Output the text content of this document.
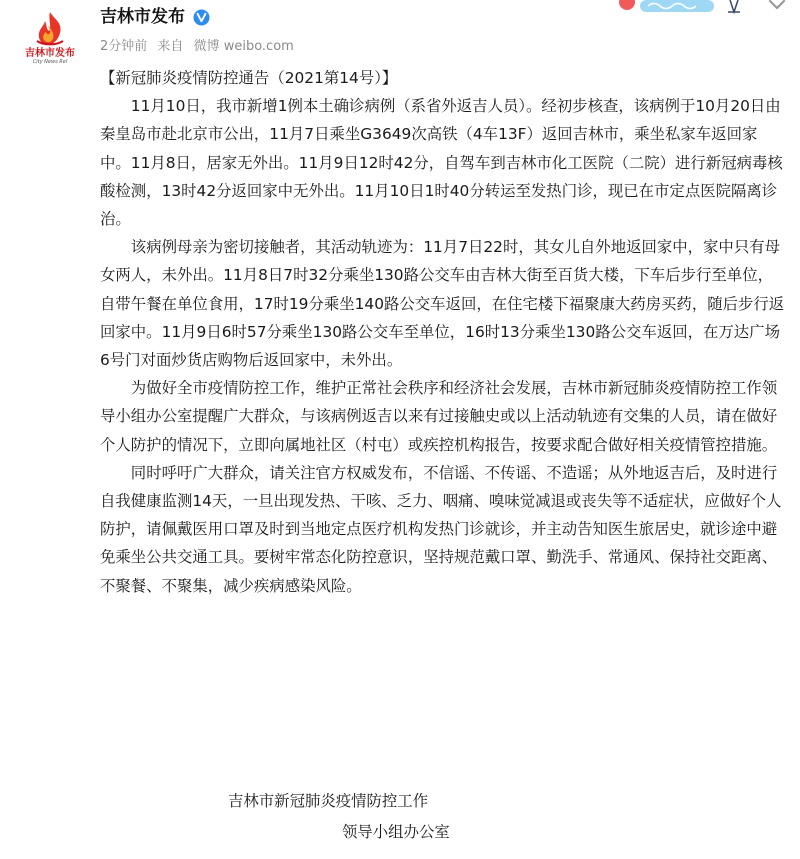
吉林市发布
City News Rel
吉林市发布
2分钟前 来自 微博 weibo.com

【新冠肺炎疫情防控通告（2021第14号）】

11月10日，我市新增1例本土确诊病例（系省外返吉人员）。经初步核查，该病例于10月20日由秦皇岛市赴北京市公出，11月7日乘坐G3649次高铁（4车13F）返回吉林市，乘坐私家车返回家中。11月8日，居家无外出。11月9日12时42分，自驾车到吉林市化工医院（二院）进行新冠病毒核酸检测，13时42分返回家中无外出。11月10日1时40分转运至发热门诊，现已在市定点医院隔离诊治。

该病例母亲为密切接触者，其活动轨迹为：11月7日22时，其女儿自外地返回家中，家中只有母女两人，未外出。11月8日7时32分乘坐130路公交车由吉林大街至百货大楼，下车后步行至单位，自带午餐在单位食用，17时19分乘坐140路公交车返回，在住宅楼下福聚康大药房买药，随后步行返回家中。11月9日6时57分乘坐130路公交车至单位，16时13分乘坐130路公交车返回，在万达广场6号门对面炒货店购物后返回家中，未外出。

为做好全市疫情防控工作，维护正常社会秩序和经济社会发展，吉林市新冠肺炎疫情防控工作领导小组办公室提醒广大群众，与该病例返吉以来有过接触史或以上活动轨迹有交集的人员，请在做好个人防护的情况下，立即向属地社区（村屯）或疾控机构报告，按要求配合做好相关疫情管控措施。

同时呼吁广大群众，请关注官方权威发布，不信谣、不传谣、不造谣；从外地返吉后，及时进行自我健康监测14天，一旦出现发热、干咳、乏力、咽痛、嗅味觉减退或丧失等不适症状，应做好个人防护，请佩戴医用口罩及时到当地定点医疗机构发热门诊就诊，并主动告知医生旅居史，就诊途中避免乘坐公共交通工具。要树牢常态化防控意识，坚持规范戴口罩、勤洗手、常通风、保持社交距离、不聚餐、不聚集，减少疾病感染风险。

吉林市新冠肺炎疫情防控工作
领导小组办公室
